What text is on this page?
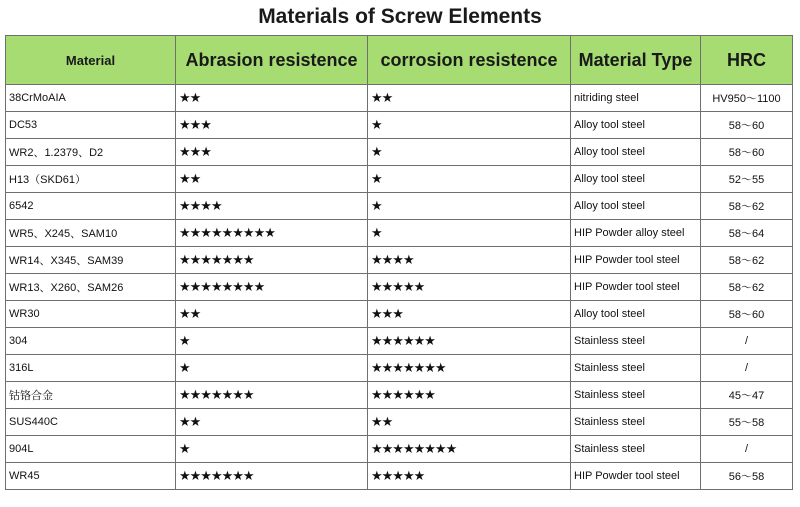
Materials of Screw Elements
Material	Abrasion resistence	corrosion resistence	Material Type	HRC
38CrMoAIA	★★	★★	nitriding steel	HV950～1100
DC53	★★★	★	Alloy tool steel	58～60
WR2、1.2379、D2	★★★	★	Alloy tool steel	58～60
H13（SKD61）	★★	★	Alloy tool steel	52～55
6542	★★★★	★	Alloy tool steel	58～62
WR5、X245、SAM10	★★★★★★★★★	★	HIP Powder alloy steel	58～64
WR14、X345、SAM39	★★★★★★★	★★★★	HIP Powder tool steel	58～62
WR13、X260、SAM26	★★★★★★★★	★★★★★	HIP Powder tool steel	58～62
WR30	★★	★★★	Alloy tool steel	58～60
304	★	★★★★★★	Stainless steel	/
316L	★	★★★★★★★	Stainless steel	/
钴铬合金	★★★★★★★	★★★★★★	Stainless steel	45～47
SUS440C	★★	★★	Stainless steel	55～58
904L	★	★★★★★★★★	Stainless steel	/
WR45	★★★★★★★	★★★★★	HIP Powder tool steel	56～58
